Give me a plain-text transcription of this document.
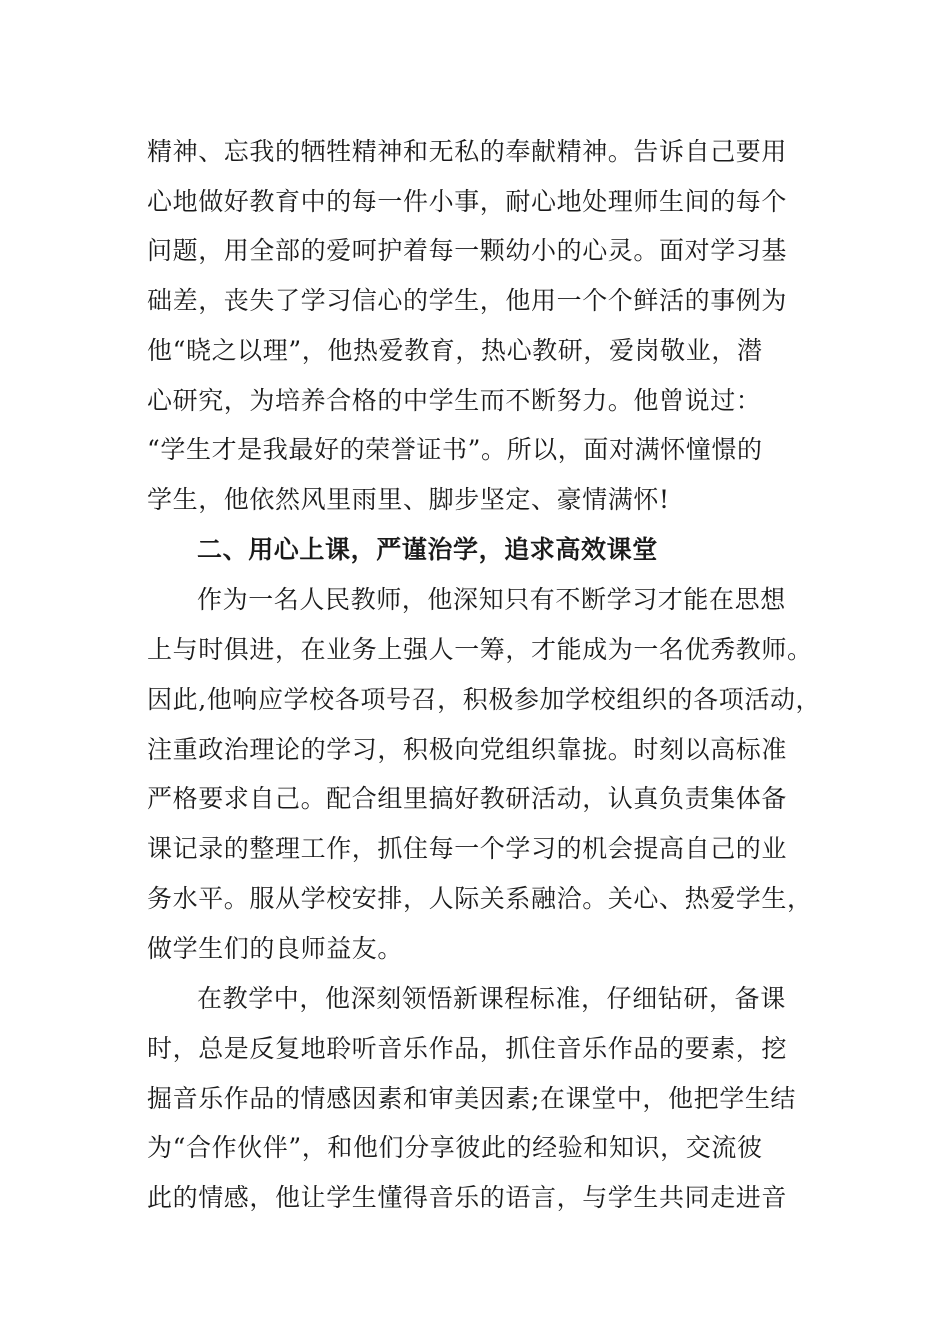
精神、忘我的牺牲精神和无私的奉献精神。告诉自己要用
心地做好教育中的每一件小事，耐心地处理师生间的每个
问题，用全部的爱呵护着每一颗幼小的心灵。面对学习基
础差，丧失了学习信心的学生，他用一个个鲜活的事例为
他“晓之以理”，他热爱教育，热心教研，爱岗敬业，潜
心研究，为培养合格的中学生而不断努力。他曾说过：
“学生才是我最好的荣誉证书”。所以，面对满怀憧憬的
学生，他依然风里雨里、脚步坚定、豪情满怀!
二、用心上课，严谨治学，追求高效课堂
作为一名人民教师，他深知只有不断学习才能在思想
上与时俱进，在业务上强人一筹，才能成为一名优秀教师。
因此,他响应学校各项号召，积极参加学校组织的各项活动，
注重政治理论的学习，积极向党组织靠拢。时刻以高标准
严格要求自己。配合组里搞好教研活动，认真负责集体备
课记录的整理工作，抓住每一个学习的机会提高自己的业
务水平。服从学校安排，人际关系融洽。关心、热爱学生，
做学生们的良师益友。
在教学中，他深刻领悟新课程标准，仔细钻研，备课
时，总是反复地聆听音乐作品，抓住音乐作品的要素，挖
掘音乐作品的情感因素和审美因素;在课堂中，他把学生结
为“合作伙伴”，和他们分享彼此的经验和知识，交流彼
此的情感，他让学生懂得音乐的语言，与学生共同走进音
